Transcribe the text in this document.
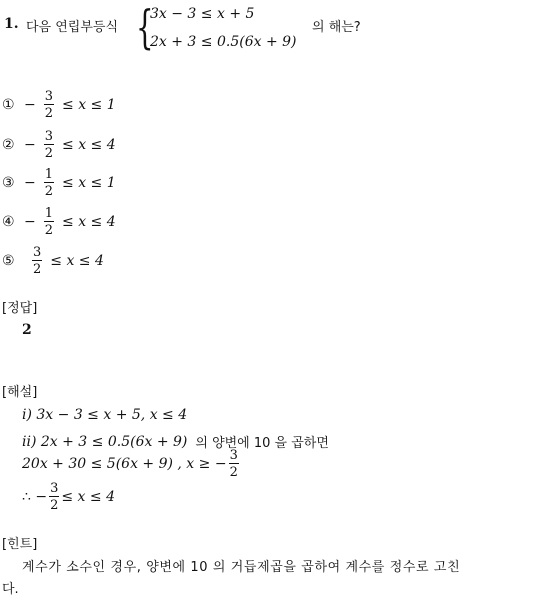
1. 다음 연립부등식 {
3x − 3 ≤ x + 5
2x + 3 ≤ 0.5(6x + 9)
의 해는?
① − $\frac{3}{2} \le x \le 1$
② − $\frac{3}{2} \le x \le 4$
③ − $\frac{1}{2} \le x \le 1$
④ − $\frac{1}{2} \le x \le 4$
⑤ $\frac{3}{2} \le x \le 4$
[정답]
2
[해설]
i) 3x − 3 ≤ x + 5, x ≤ 4
ii) 2x + 3 ≤ 0.5(6x + 9) 의 양변에 10 을 곱하면
20x + 30 ≤ 5(6x + 9) , x ≥ − $\frac{3}{2}$
∴ − $\frac{3}{2} \le x \le 4$
[힌트]
계수가 소수인 경우, 양변에 10 의 거듭제곱을 곱하여 계수를 정수로 고친
다.
